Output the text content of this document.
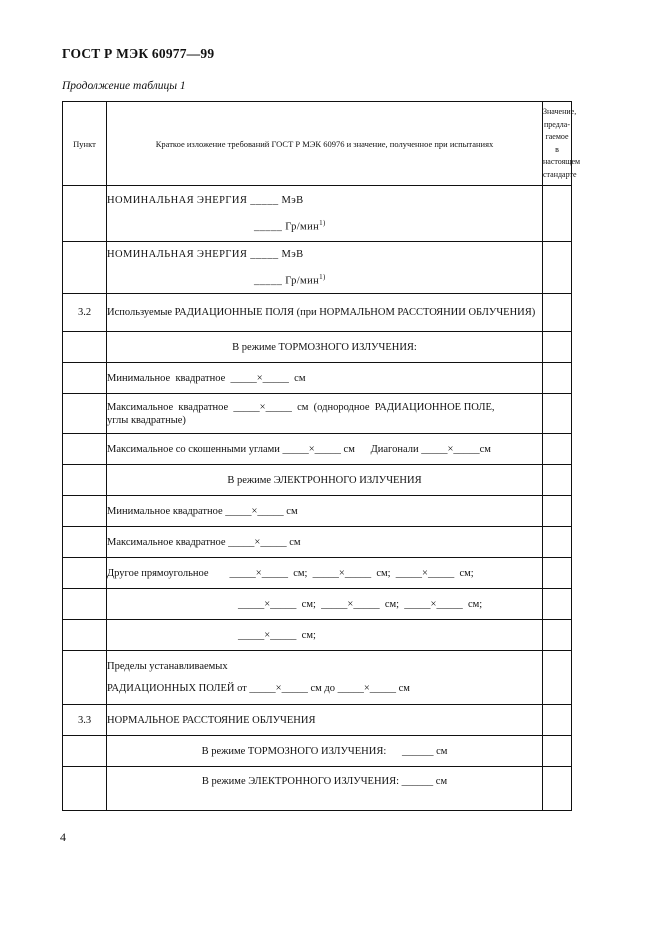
ГОСТ Р МЭК 60977—99
Продолжение таблицы 1
Пункт	Краткое изложение требований ГОСТ Р МЭК 60976 и значение, полученное при испытаниях	Значение,
предла-
гаемое в
настоящем
стандарте

	НОМИНАЛЬНАЯ ЭНЕРГИЯ _____ МэВ
_____ Гр/мин$^{1)}$

	НОМИНАЛЬНАЯ ЭНЕРГИЯ _____ МэВ
_____ Гр/мин$^{1)}$

3.2	Используемые РАДИАЦИОННЫЕ ПОЛЯ (при НОРМАЛЬНОМ РАССТОЯНИИ ОБЛУЧЕНИЯ)	
	В режиме ТОРМОЗНОГО ИЗЛУЧЕНИЯ:	
	Минимальное  квадратное  _____×_____  см	

	Максимальное  квадратное  _____×_____  см  (однородное  РАДИАЦИОННОЕ ПОЛЕ,
углы квадратные)	

	Максимальное со скошенными углами _____×_____ см      Диагонали _____×_____см	
	В режиме ЭЛЕКТРОННОГО ИЗЛУЧЕНИЯ	
	Минимальное квадратное _____×_____ см	
	Максимальное квадратное _____×_____ см	
	Другое прямоугольное        _____×_____  см;  _____×_____  см;  _____×_____  см;	
	_____×_____  см;  _____×_____  см;  _____×_____  см;	
	_____×_____  см;	

	Пределы устанавливаемых
РАДИАЦИОННЫХ ПОЛЕЙ от _____×_____ см до _____×_____ см	

3.3	НОРМАЛЬНОЕ РАССТОЯНИЕ ОБЛУЧЕНИЯ	
	В режиме ТОРМОЗНОГО ИЗЛУЧЕНИЯ:      ______ см	
	В режиме ЭЛЕКТРОННОГО ИЗЛУЧЕНИЯ: ______ см	
4
